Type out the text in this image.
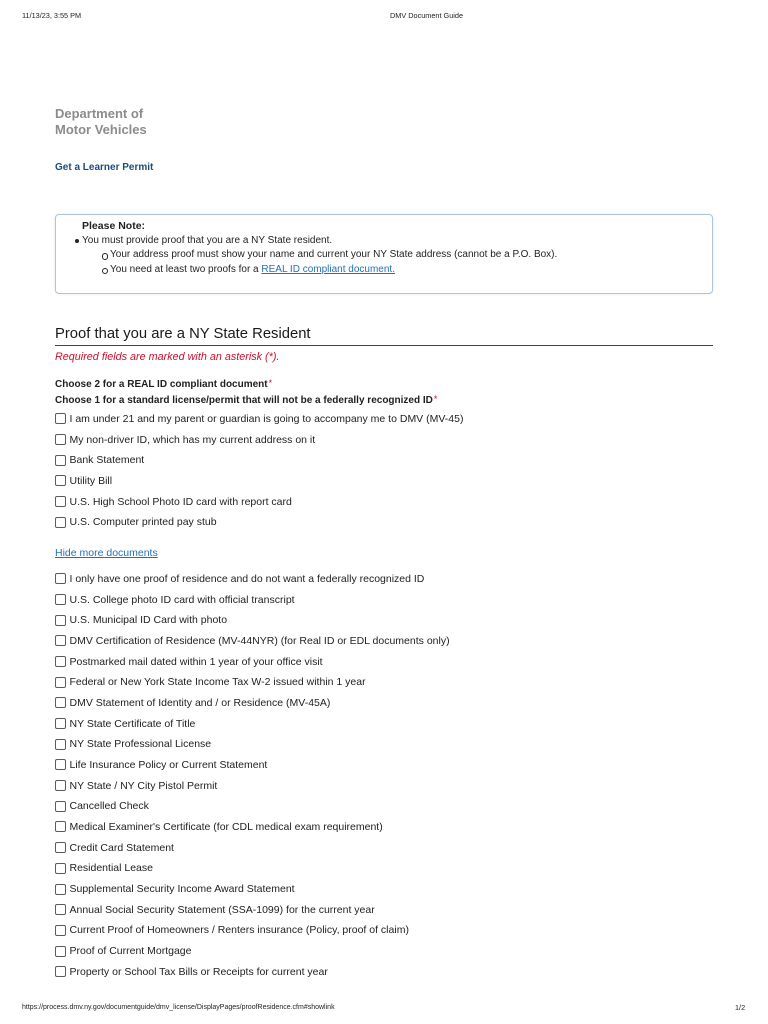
11/13/23, 3:55 PM	DMV Document Guide
Department of
Motor Vehicles
Get a Learner Permit
Please Note:
You must provide proof that you are a NY State resident.
Your address proof must show your name and current your NY State address (cannot be a P.O. Box).
You need at least two proofs for a REAL ID compliant document.
Proof that you are a NY State Resident
Required fields are marked with an asterisk (*).
Choose 2 for a REAL ID compliant document*
Choose 1 for a standard license/permit that will not be a federally recognized ID*
I am under 21 and my parent or guardian is going to accompany me to DMV (MV-45)
My non-driver ID, which has my current address on it
Bank Statement
Utility Bill
U.S. High School Photo ID card with report card
U.S. Computer printed pay stub
Hide more documents
I only have one proof of residence and do not want a federally recognized ID
U.S. College photo ID card with official transcript
U.S. Municipal ID Card with photo
DMV Certification of Residence (MV-44NYR) (for Real ID or EDL documents only)
Postmarked mail dated within 1 year of your office visit
Federal or New York State Income Tax W-2 issued within 1 year
DMV Statement of Identity and / or Residence (MV-45A)
NY State Certificate of Title
NY State Professional License
Life Insurance Policy or Current Statement
NY State / NY City Pistol Permit
Cancelled Check
Medical Examiner's Certificate (for CDL medical exam requirement)
Credit Card Statement
Residential Lease
Supplemental Security Income Award Statement
Annual Social Security Statement (SSA-1099) for the current year
Current Proof of Homeowners / Renters insurance (Policy, proof of claim)
Proof of Current Mortgage
Property or School Tax Bills or Receipts for current year
https://process.dmv.ny.gov/documentguide/dmv_license/DisplayPages/proofResidence.cfm#showlink	1/2
